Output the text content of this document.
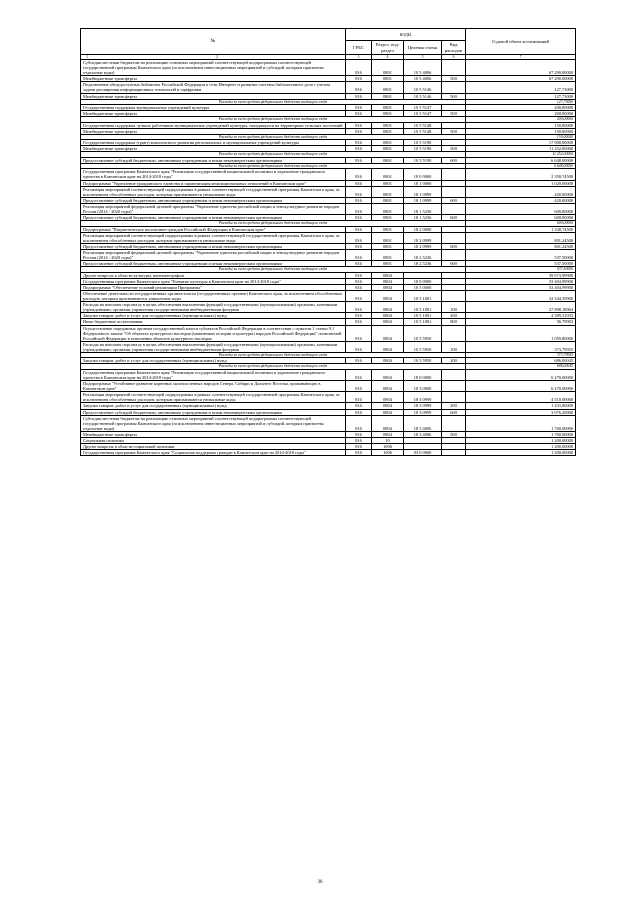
№	КОДЫ				Годовой объем ассигнований
	ГРБС	Раздел, под-раздел	Целевая статья	Вид расходов	

1 2	3	4	5	6	7
Субсидии местным бюджетам на реализацию основных мероприятий соответствующей подпрограммы соответствующей государственной программы Камчатского края (за исключением инвестиционных мероприятий и субсидий, которым присвоены отдельные коды)	816	0801	10 5 4006		67 290,00000
Межбюджетные трансферты	816	0801	10 5 4006	500	67 290,00000
Подключение общедоступных библиотек Российской Федерации к сети Интернет и развитие системы библиотечного дела с учетом задачи расширения информационных технологий и оцифровки	816	0801	10 5 5146		127,73000
Межбюджетные трансферты	816	0801	10 5 5146	500	127,73000
Расходы за счет средств федерального бюджета входящего сюда					127,73000
Государственная поддержка муниципальных учреждений культуры	816	0801	10 5 5147		200,00000
Межбюджетные трансферты	816	0801	10 5 5147	500	200,00000
Расходы за счет средств федерального бюджета входящего сюда					200,00000
Государственная поддержка лучших работников муниципальных учреждений культуры, находящихся на территориях сельских поселений	816	0801	10 5 5148		150,00000
Межбюджетные трансферты	816	0801	10 5 5148	500	150,00000
Расходы за счет средств федерального бюджета входящего сюда					150,00000
Государственная поддержка (грант) комплексного развития региональных и муниципальных учреждений культуры	816	0801	10 5 5190		17 900,00000
Межбюджетные трансферты	816	0801	10 5 5190	500	11 252,00000
Расходы за счет средств федерального бюджета входящего сюда					11 252,00000
Предоставление субсидий бюджетным, автономным учреждениям и иным некоммерческим организациям	816	0801	10 5 5190	600	6 648,00000
Расходы за счет средств федерального бюджета входящего сюда					6 648,00000
Государственная программа Камчатского края "Реализация государственной национальной политики и укрепление гражданского единства в Камчатском крае на 2014-2018 годы"	816	0801	18 0 0000		2 358,74500
Подпрограмма "Укрепление гражданского единства и гармонизация межнациональных отношений в Камчатском крае"	816	0801	18 1 0000		1 020,00000
Реализация мероприятий соответствующей подпрограммы в рамках соответствующей государственной программы Камчатского края, за исключением обособленных расходов, которым присваиваются уникальные коды	816	0801	18 1 0999		420,00000
Предоставление субсидий бюджетным, автономным учреждениям и иным некоммерческим организациям	816	0801	18 1 0999	600	420,00000
Реализация мероприятий федеральной целевой программы "Укрепление единства российской нации и этнокультурное развитие народов России (2014 - 2020 годы)"	816	0801	18 1 5236		600,00000
Предоставление субсидий бюджетным, автономным учреждениям и иным некоммерческим организациям	816	0801	18 1 5236	600	600,00000
Расходы за счет средств федерального бюджета входящего сюда					600,00000
Подпрограмма "Патриотическое воспитание граждан Российской Федерации в Камчатском крае"	816	0801	18 2 0000		1 338,74500
Реализация мероприятий соответствующей подпрограммы в рамках соответствующей государственной программы Камчатского края, за исключением обособленных расходов, которым присваиваются уникальные коды	816	0801	18 2 0999		801,24500
Предоставление субсидий бюджетным, автономным учреждениям и иным некоммерческим организациям	816	0801	18 2 0999	600	801,24500
Реализация мероприятий федеральной целевой программы "Укрепление единства российской нации и этнокультурное развитие народов России (2014 - 2020 годы)"	816	0801	18 2 5236		537,50000
Предоставление субсидий бюджетным, автономным учреждениям и иным некоммерческим организациям	816	0801	18 2 5236	600	537,50000
Расходы за счет средств федерального бюджета входящего сюда					537,50000
Другие вопросы в области культуры, кинематографии	816	0804			39 673,99900
Государственная программа Камчатского края "Развитие культуры в Камчатском крае на 2014-2018 годы"	816	0804	10 0 0000		33 404,99900
Подпрограмма "Обеспечение условий реализации Программы"	816	0804	10 5 0000		33 404,99900
Обеспечение деятельности государственных органов власти (государственных органов) Камчатского края, за исключением обособленных расходов, которым присваиваются уникальные коды	816	0804	10 5 1001		32 344,39900
Расходы на выплаты персоналу в целях обеспечения выполнения функций государственными (муниципальными) органами, казенными учреждениями, органами управления государственными внебюджетными фондами	816	0804	10 5 1001	100	27 898,18964
Закупка товаров, работ и услуг для государственных (муниципальных) нужд	816	0804	10 5 1001	200	4 389,31033
Иные бюджетные ассигнования	816	0804	10 5 1001	800	56,79903
Осуществление переданных органам государственной власти субъектов Российской Федерации в соответствии с пунктом 1 статьи 9.1 Федерального закона "Об объектах культурного наследия (памятниках истории и культуры) народов Российской Федерации" полномочий Российской Федерации в отношении объектов культурного наследия	816	0804	10 5 5950		1 059,80000
Расходы на выплаты персоналу в целях обеспечения выполнения функций государственными (муниципальными) органами, казенными учреждениями, органами управления государственными внебюджетными фондами	816	0804	10 5 5950	100	373,79955
Расходы за счет средств федерального бюджета входящего сюда					373,79955
Закупка товаров, работ и услуг для государственных (муниципальных) нужд	816	0804	10 5 5950	200	686,00045
Расходы за счет средств федерального бюджета входящего сюда					686,00045
Государственная программа Камчатского края "Реализация государственной национальной политики и укрепление гражданского единства в Камчатском крае на 2014-2018 годы"	816	0804	18 0 0000		6 270,00000
Подпрограмма "Устойчивое развитие коренных малочисленных народов Севера, Сибири и Дальнего Востока, проживающих в Камчатском крае"	816	0804	18 3 0000		6 270,00000
Реализация мероприятий соответствующей подпрограммы в рамках соответствующей государственной программы Камчатского края, за исключением обособленных расходов, которым присваиваются уникальные коды	816	0804	18 3 0999		4 510,00000
Закупка товаров, работ и услуг для государственных (муниципальных) нужд	816	0804	18 3 0999	200	1 433,80000
Предоставление субсидий бюджетным, автономным учреждениям и иным некоммерческим организациям	816	0804	18 3 0999	600	3 076,20000
Субсидии местным бюджетам на реализацию основных мероприятий соответствующей подпрограммы соответствующей государственной программы Камчатского края (за исключением инвестиционных мероприятий и субсидий, которым присвоены отдельные коды)	816	0804	18 3 4006		1 760,00000
Межбюджетные трансферты	816	0804	18 3 4006	500	1 760,00000
Социальная политика	816	10			1 200,00000
Другие вопросы в области социальной политики	816	1006			1 200,00000
Государственная программа Камчатского края "Социальная поддержка граждан в Камчатском крае на 2014-2018 годы"	816	1006	03 0 0000		1 200,00000
36
